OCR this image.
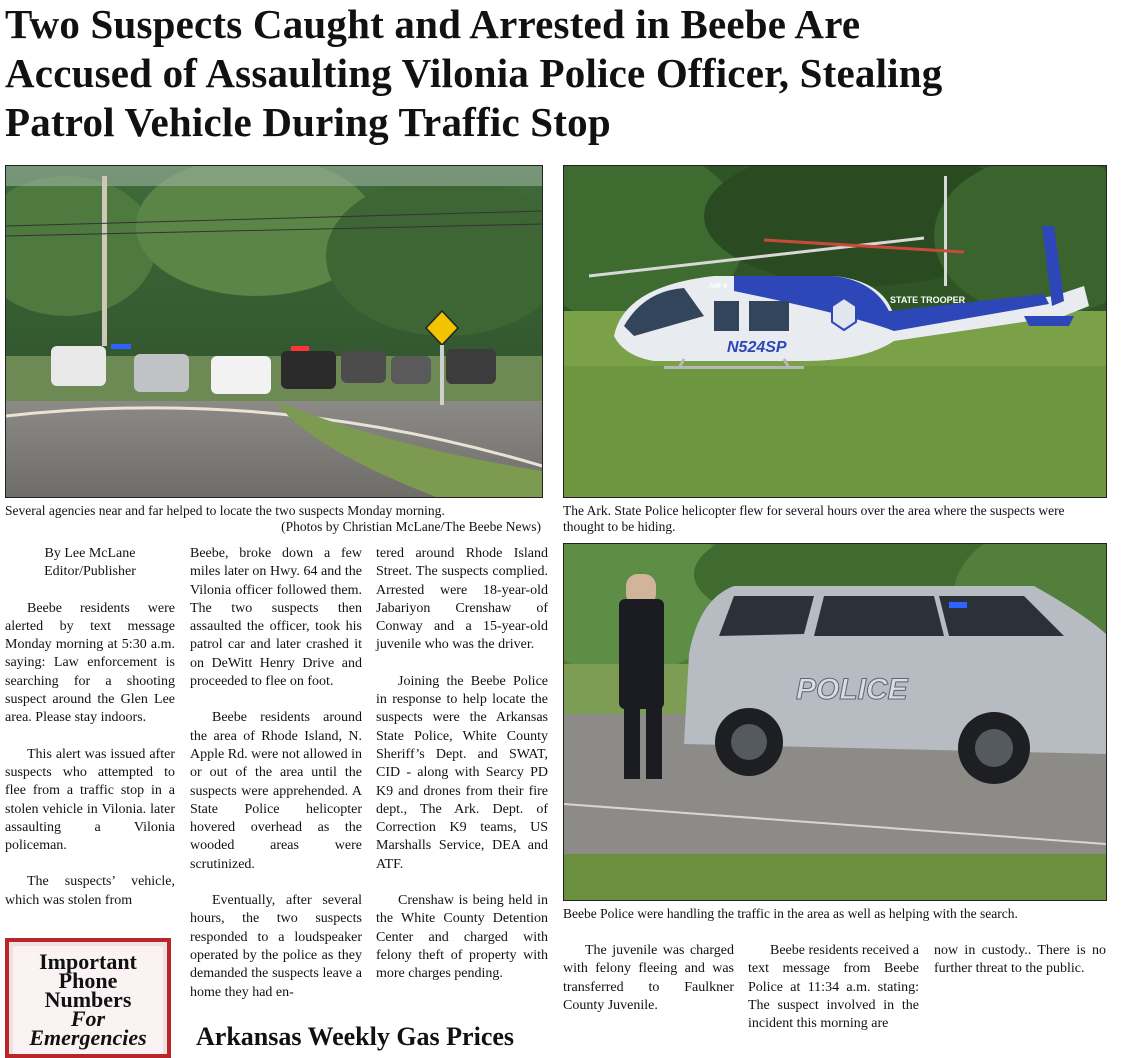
Two Suspects Caught and Arrested in Beebe Are
Accused of Assaulting Vilonia Police Officer, Stealing
Patrol Vehicle During Traffic Stop

Several agencies near and far helped to locate the two suspects Monday morning.
(Photos by Christian McLane/The Beebe News)

N524SP
STATE TROOPER
AIR 4

The Ark. State Police helicopter flew for several hours over the area where the suspects were thought to be hiding.

POLICE

Beebe Police were handling the traffic in the area as well as helping with the search.

By Lee McLane
Editor/Publisher

Beebe residents were alerted by text message Monday morning at 5:30 a.m. saying: Law enforcement is searching for a shooting suspect around the Glen Lee area. Please stay indoors.

This alert was issued after suspects who attempted to flee from a traffic stop in a stolen vehicle in Vilonia. later assaulting a Vilonia policeman.

The suspects’ vehicle, which was stolen from

Important
Phone
Numbers
For
Emergencies

Beebe, broke down a few miles later on Hwy. 64 and the Vilonia officer followed them. The two suspects then assaulted the officer, took his patrol car and later crashed it on DeWitt Henry Drive and proceeded to flee on foot.

Beebe residents around the area of Rhode Island, N. Apple Rd. were not allowed in or out of the area until the suspects were apprehended. A State Police helicopter hovered overhead as the wooded areas were scrutinized.

Eventually, after several hours, the two suspects responded to a loudspeaker operated by the police as they demanded the suspects leave a home they had en-

tered around Rhode Island Street. The suspects complied. Arrested were 18-year-old Jabariyon Crenshaw of Conway and a 15-year-old juvenile who was the driver.

Joining the Beebe Police in response to help locate the suspects were the Arkansas State Police, White County Sheriff’s Dept. and SWAT, CID - along with Searcy PD K9 and drones from their fire dept., The Ark. Dept. of Correction K9 teams, US Marshalls Service, DEA and ATF.

Crenshaw is being held in the White County Detention Center and charged with felony theft of property with more charges pending.

Arkansas Weekly Gas Prices

The juvenile was charged with felony fleeing and was transferred to Faulkner County Juvenile.

Beebe residents received a text message from Beebe Police at 11:34 a.m. stating: The suspect involved in the incident this morning are

now in custody.. There is no further threat to the public.
